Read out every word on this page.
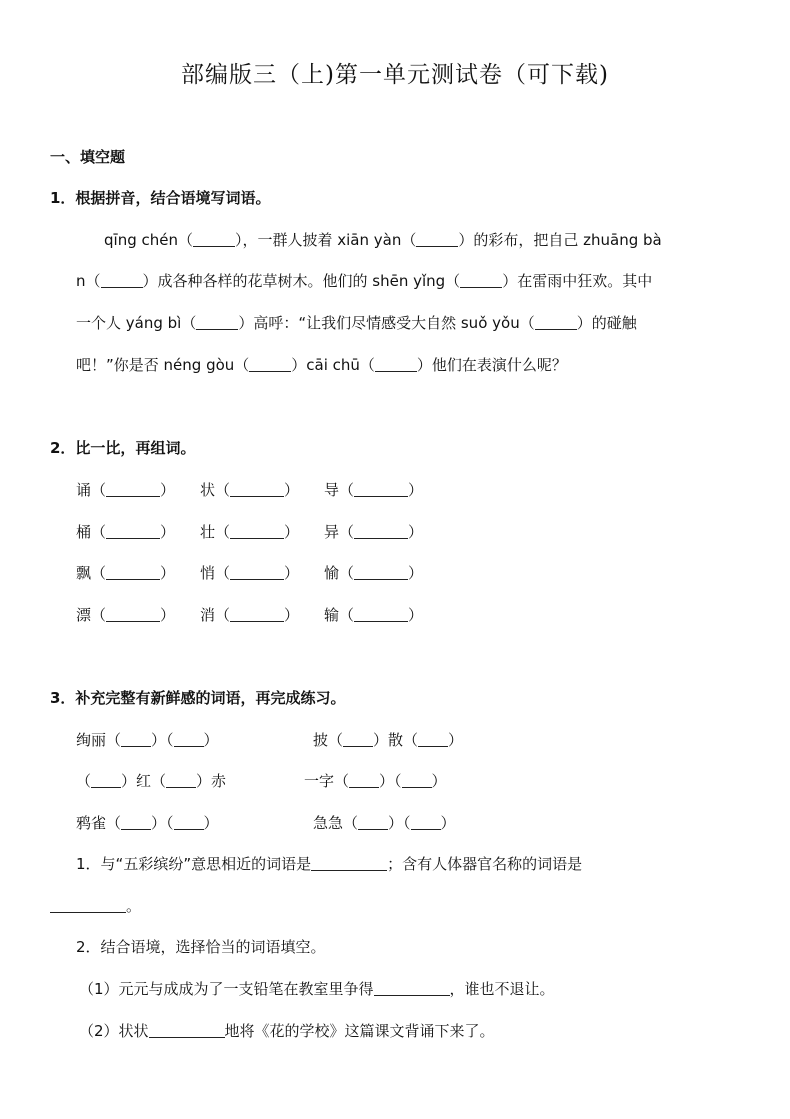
部编版三（上)第一单元测试卷（可下载)
一、填空题
1．根据拼音，结合语境写词语。
qīng chén（	），一群人披着 xiān yàn（	）的彩布，把自己 zhuāng bà
n（	）成各种各样的花草树木。他们的 shēn yǐng（	）在雷雨中狂欢。其中
一个人 yáng bì（	）高呼：“让我们尽情感受大自然 suǒ yǒu（	）的碰触
吧！”你是否 néng gòu（	）cāi chū（	）他们在表演什么呢？
2．比一比，再组词。
诵（	） 状（	） 导（	）
桶（	） 壮（	） 异（	）
飘（	） 悄（	） 愉（	）
漂（	） 消（	） 输（	）
3．补充完整有新鲜感的词语，再完成练习。
绚丽（ ）（ ）	披（ ）散（ ）
（ ）红（ ）赤	一字（ ）（ ）
鸦雀（ ）（ ）	急急（ ）（ ）
1．与“五彩缤纷”意思相近的词语是	；含有人体器官名称的词语是
。
2．结合语境，选择恰当的词语填空。
（1）元元与成成为了一支铅笔在教室里争得	，谁也不退让。
（2）状状	地将《花的学校》这篇课文背诵下来了。
